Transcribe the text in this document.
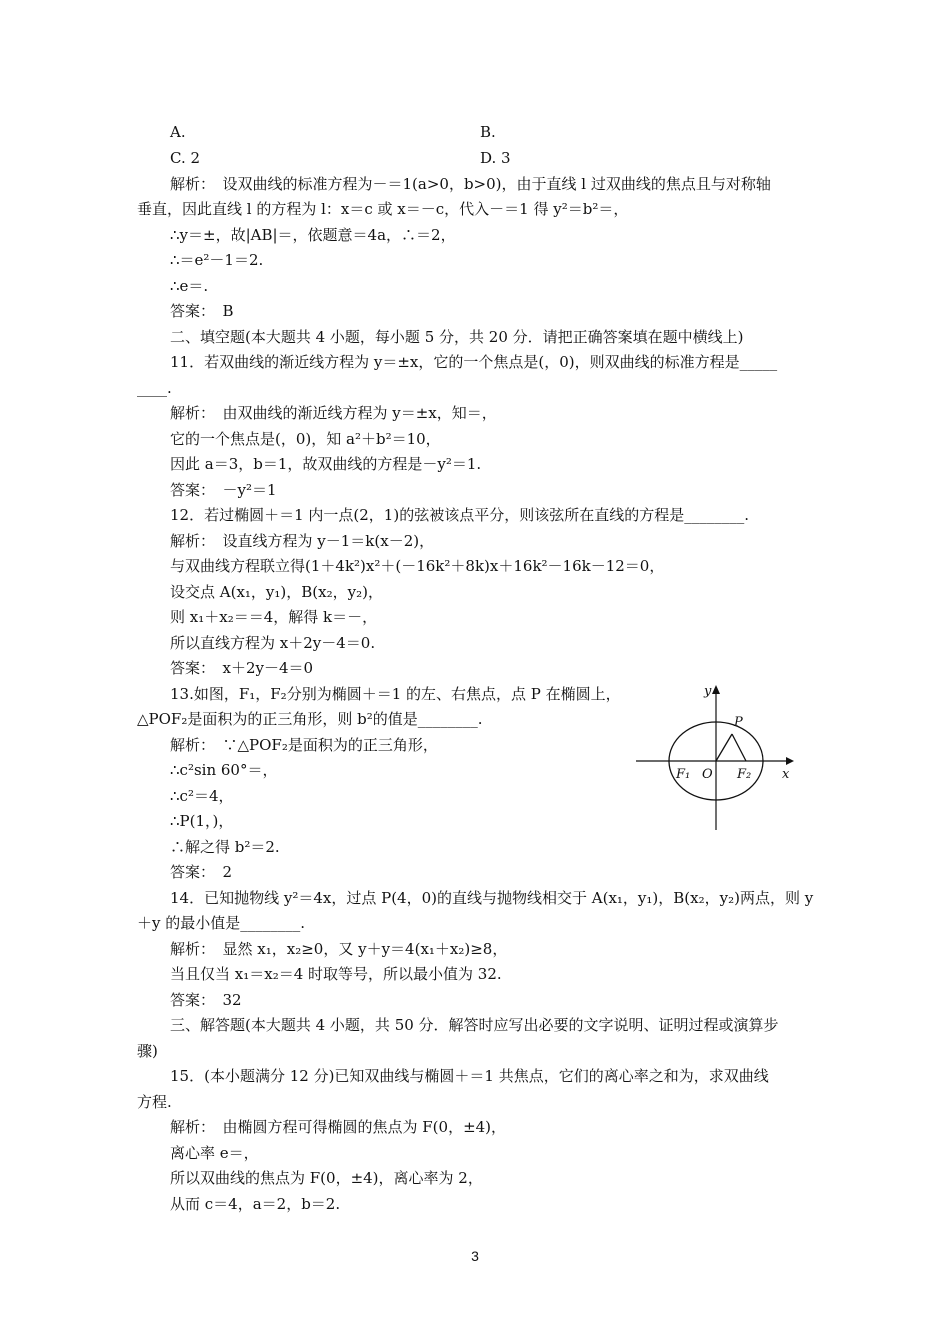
A.	B.
C. 2	D. 3
解析：　设双曲线的标准方程为－＝1(a>0，b>0)，由于直线 l 过双曲线的焦点且与对称轴
垂直，因此直线 l 的方程为 l：x＝c 或 x＝－c，代入－＝1 得 y²＝b²＝，
∴y＝±，故|AB|＝，依题意＝4a，∴＝2，
∴＝e²－1＝2.
∴e＝.
答案：　B
二、填空题(本大题共 4 小题，每小题 5 分，共 20 分．请把正确答案填在题中横线上)
11．若双曲线的渐近线方程为 y＝±x，它的一个焦点是(，0)，则双曲线的标准方程是_____
____.
解析：　由双曲线的渐近线方程为 y＝±x，知＝，
它的一个焦点是(，0)，知 a²＋b²＝10，
因此 a＝3，b＝1，故双曲线的方程是－y²＝1.
答案：　－y²＝1
12．若过椭圆＋＝1 内一点(2，1)的弦被该点平分，则该弦所在直线的方程是________.
解析：　设直线方程为 y－1＝k(x－2)，
与双曲线方程联立得(1＋4k²)x²＋(－16k²＋8k)x＋16k²－16k－12＝0，
设交点 A(x₁，y₁)，B(x₂，y₂)，
则 x₁＋x₂＝＝4，解得 k＝－，
所以直线方程为 x＋2y－4＝0.
答案：　x＋2y－4＝0
13.如图，F₁，F₂分别为椭圆＋＝1 的左、右焦点，点 P 在椭圆上，
△POF₂是面积为的正三角形，则 b²的值是________.
解析：　∵△POF₂是面积为的正三角形，
∴c²sin 60°＝，
∴c²＝4，
∴P(1，)，
∴解之得 b²＝2.
答案：　2
14．已知抛物线 y²＝4x，过点 P(4，0)的直线与抛物线相交于 A(x₁，y₁)，B(x₂，y₂)两点，则 y
＋y 的最小值是________.
解析：　显然 x₁，x₂≥0，又 y＋y＝4(x₁＋x₂)≥8，
当且仅当 x₁＝x₂＝4 时取等号，所以最小值为 32.
答案：　32
三、解答题(本大题共 4 小题，共 50 分．解答时应写出必要的文字说明、证明过程或演算步
骤)
15．(本小题满分 12 分)已知双曲线与椭圆＋＝1 共焦点，它们的离心率之和为，求双曲线
方程.
解析：　由椭圆方程可得椭圆的焦点为 F(0，±4)，
离心率 e＝，
所以双曲线的焦点为 F(0，±4)，离心率为 2，
从而 c＝4，a＝2，b＝2.
y
P
F₁ O F₂ x
3
